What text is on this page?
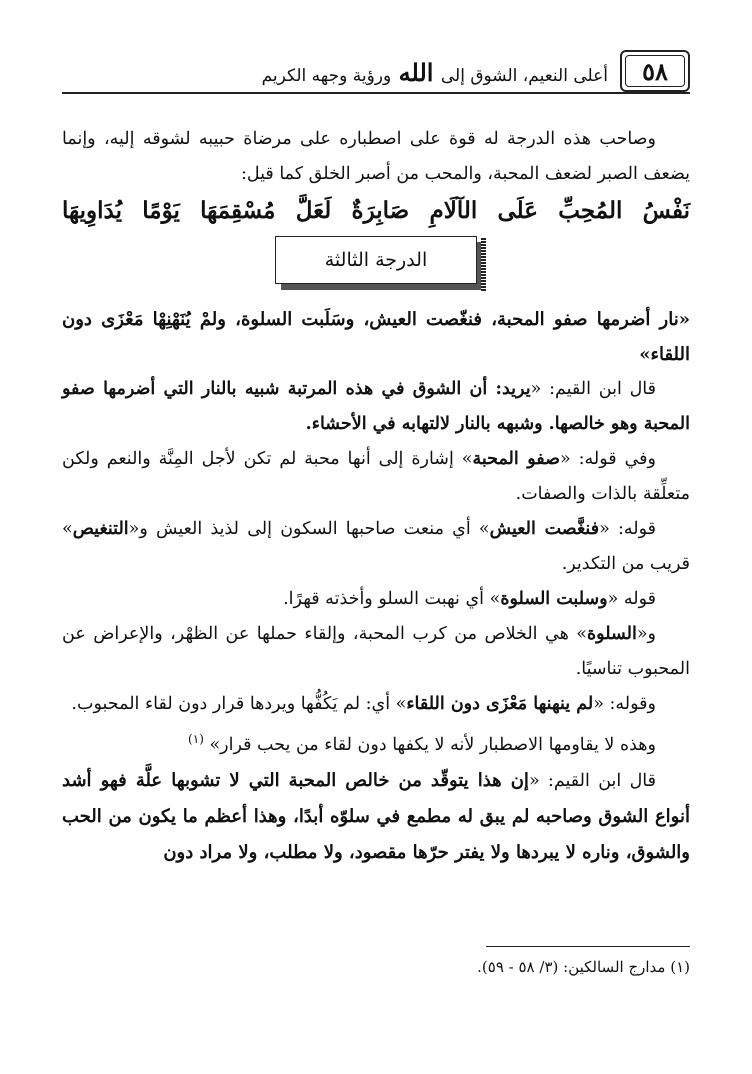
٥٨
أعلى النعيم، الشوق إلى الله ورؤية وجهه الكريم

وصاحب هذه الدرجة له قوة على اصطباره على مرضاة حبيبه لشوقه إليه، وإنما يضعف الصبر لضعف المحبة، والمحب من أصبر الخلق كما قيل:

نَفْسُ المُحِبِّ عَلَى الآلَامِ صَابِرَةٌ لَعَلَّ مُسْقِمَهَا يَوْمًا يُدَاوِيهَا

الدرجة الثالثة

«نار أضرمها صفو المحبة، فنغّصت العيش، وسَلَبت السلوة، ولمْ يُنَهْنِهْا مَعْزَى دون اللقاء»

قال ابن القيم: «يريد: أن الشوق في هذه المرتبة شبيه بالنار التي أضرمها صفو المحبة وهو خالصها. وشبهه بالنار لالتهابه في الأحشاء.

وفي قوله: «صفو المحبة» إشارة إلى أنها محبة لم تكن لأجل المِنَّة والنعم ولكن متعلِّقة بالذات والصفات.

قوله: «فنغَّصت العيش» أي منعت صاحبها السكون إلى لذيذ العيش و«التنغيص» قريب من التكدير.

قوله «وسلبت السلوة» أي نهبت السلو وأخذته قهرًا.

و«السلوة» هي الخلاص من كرب المحبة، وإلقاء حملها عن الظهْر، والإعراض عن المحبوب تناسيًا.

وقوله: «لم ينهنها مَعْزَى دون اللقاء» أي: لم يَكُفُّها ويردها قرار دون لقاء المحبوب.

وهذه لا يقاومها الاصطبار لأنه لا يكفها دون لقاء من يحب قرار» $^{(١)}$

قال ابن القيم: «إن هذا يتوقّد من خالص المحبة التي لا تشوبها علَّة فهو أشد أنواع الشوق وصاحبه لم يبق له مطمع في سلوّه أبدًا، وهذا أعظم ما يكون من الحب والشوق، وناره لا يبردها ولا يفتر حرّها مقصود، ولا مطلب، ولا مراد دون

(١) مدارج السالكين: (٣/ ٥٨ - ٥٩).
